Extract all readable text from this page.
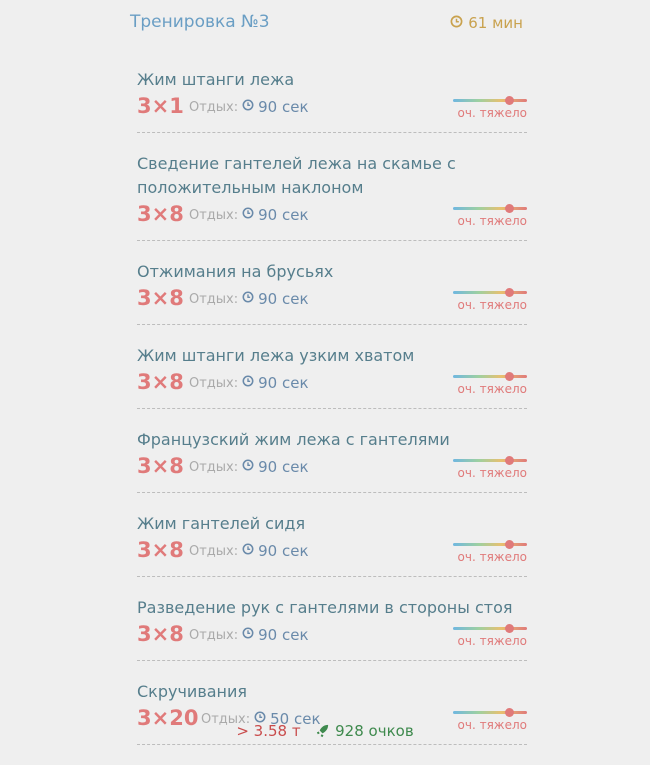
Тренировка №3	61 мин
Жим штанги лежа
3×1 Отдых: 90 сек	оч. тяжело
Сведение гантелей лежа на скамье с положительным наклоном
3×8 Отдых: 90 сек	оч. тяжело
Отжимания на брусьях
3×8 Отдых: 90 сек	оч. тяжело
Жим штанги лежа узким хватом
3×8 Отдых: 90 сек	оч. тяжело
Французский жим лежа с гантелями
3×8 Отдых: 90 сек	оч. тяжело
Жим гантелей сидя
3×8 Отдых: 90 сек	оч. тяжело
Разведение рук с гантелями в стороны стоя
3×8 Отдых: 90 сек	оч. тяжело
Скручивания
3×20 Отдых: 50 сек	оч. тяжело
> 3.58 т 928 очков
